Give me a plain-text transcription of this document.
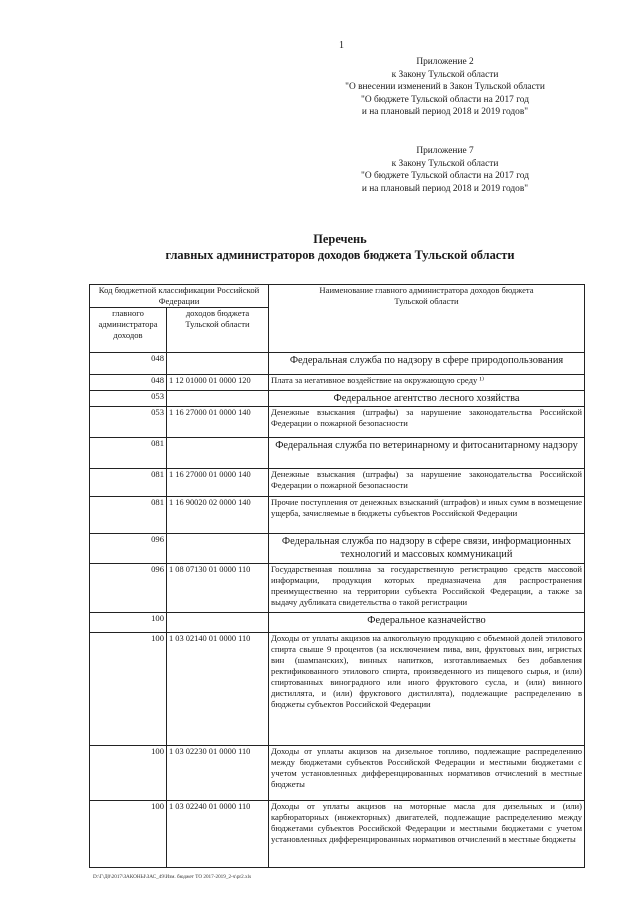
1
Приложение 2
к Закону Тульской области
"О внесении изменений в Закон Тульской области
"О бюджете Тульской области на 2017 год
и на плановый период 2018 и 2019 годов"
Приложение 7
к Закону Тульской области
"О бюджете Тульской области на 2017 год
и на плановый период 2018 и 2019 годов"
Перечень
главных администраторов доходов бюджета Тульской области
Код бюджетной классификации Российской Федерации		Наименование главного администратора доходов бюджета Тульской области
главного администратора доходов	доходов бюджета Тульской области	
048		Федеральная служба по надзору в сфере природопользования
048	1 12 01000 01 0000 120	Плата за негативное воздействие на окружающую среду ¹⁾
053		Федеральное агентство лесного хозяйства
053	1 16 27000 01 0000 140	Денежные взыскания (штрафы) за нарушение законодательства Российской Федерации о пожарной безопасности
081		Федеральная служба по ветеринарному и фитосанитарному надзору
081	1 16 27000 01 0000 140	Денежные взыскания (штрафы) за нарушение законодательства Российской Федерации о пожарной безопасности
081	1 16 90020 02 0000 140	Прочие поступления от денежных взысканий (штрафов) и иных сумм в возмещение ущерба, зачисляемые в бюджеты субъектов Российской Федерации
096		Федеральная служба по надзору в сфере связи, информационных технологий и массовых коммуникаций
096	1 08 07130 01 0000 110	Государственная пошлина за государственную регистрацию средств массовой информации, продукция которых предназначена для распространения преимущественно на территории субъекта Российской Федерации, а также за выдачу дубликата свидетельства о такой регистрации
100		Федеральное казначейство
100	1 03 02140 01 0000 110	Доходы от уплаты акцизов на алкогольную продукцию с объемной долей этилового спирта свыше 9 процентов (за исключением пива, вин, фруктовых вин, игристых вин (шампанских), винных напитков, изготавливаемых без добавления ректификованного этилового спирта, произведенного из пищевого сырья, и (или) спиртованных виноградного или иного фруктового сусла, и (или) винного дистиллята, и (или) фруктового дистиллята), подлежащие распределению в бюджеты субъектов Российской Федерации
100	1 03 02230 01 0000 110	Доходы от уплаты акцизов на дизельное топливо, подлежащие распределению между бюджетами субъектов Российской Федерации и местными бюджетами с учетом установленных дифференцированных нормативов отчислений в местные бюджеты
100	1 03 02240 01 0000 110	Доходы от уплаты акцизов на моторные масла для дизельных и (или) карбюраторных (инжекторных) двигателей, подлежащие распределению между бюджетами субъектов Российской Федерации и местными бюджетами с учетом установленных дифференцированных нормативов отчислений в местные бюджеты
D:\Г\Д0\2017\ЗАКОНЫ\ЗАС_49\Изм. бюджет ТО 2017-2019_2-ч\pr2.xls
